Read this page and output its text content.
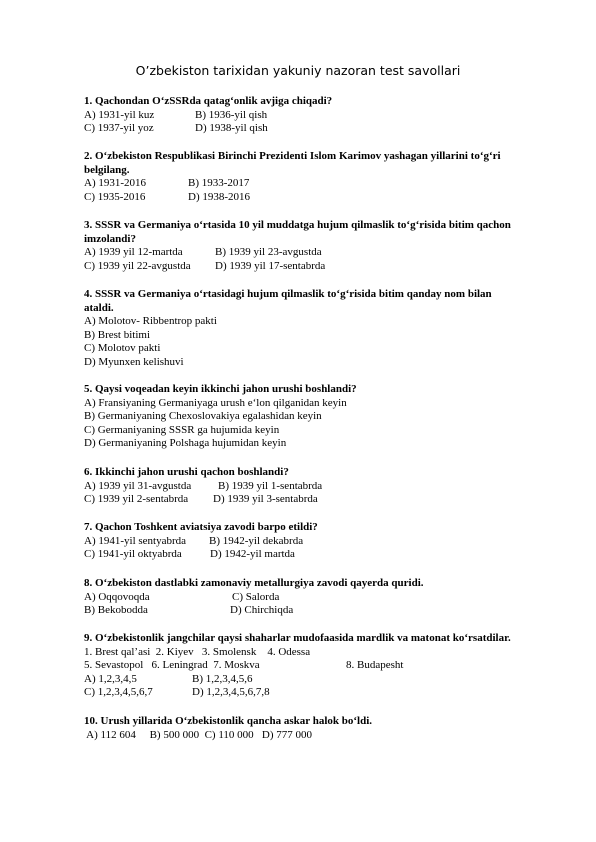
O’zbekiston tarixidan yakuniy nazoran test savollari
1. Qachondan O‘zSSRda qatag‘onlik avjiga chiqadi?
A) 1931-yil kuz	B) 1936-yil qish
C) 1937-yil yoz	D) 1938-yil qish
2. O‘zbekiston Respublikasi Birinchi Prezidenti Islom Karimov yashagan yillarini to‘g‘ri
belgilang.
A) 1931-2016	B) 1933-2017
C) 1935-2016	D) 1938-2016
3. SSSR va Germaniya o‘rtasida 10 yil muddatga hujum qilmaslik to‘g‘risida bitim qachon
imzolandi?
A) 1939 yil 12-martda	B) 1939 yil 23-avgustda
C) 1939 yil 22-avgustda D) 1939 yil 17-sentabrda
4. SSSR va Germaniya o‘rtasidagi hujum qilmaslik to‘g‘risida bitim qanday nom bilan
ataldi.
A) Molotov- Ribbentrop pakti
B) Brest bitimi
C) Molotov pakti
D) Myunxen kelishuvi
5. Qaysi voqeadan keyin ikkinchi jahon urushi boshlandi?
A) Fransiyaning Germaniyaga urush e‘lon qilganidan keyin
B) Germaniyaning Chexoslovakiya egalashidan keyin
C) Germaniyaning SSSR ga hujumida keyin
D) Germaniyaning Polshaga hujumidan keyin
6. Ikkinchi jahon urushi qachon boshlandi?
A) 1939 yil 31-avgustda B) 1939 yil 1-sentabrda
C) 1939 yil 2-sentabrda D) 1939 yil 3-sentabrda
7. Qachon Toshkent aviatsiya zavodi barpo etildi?
A) 1941-yil sentyabrda B) 1942-yil dekabrda
C) 1941-yil oktyabrda	D) 1942-yil martda
8. O‘zbekiston dastlabki zamonaviy metallurgiya zavodi qayerda quridi.
A) Oqqovoqda	C) Salorda
B) Bekobodda	D) Chirchiqda
9. O‘zbekistonlik jangchilar qaysi shaharlar mudofaasida mardlik va matonat ko‘rsatdilar.
1. Brest qal’asi  2. Kiyev   3. Smolensk    4. Odessa
5. Sevastopol   6. Leningrad  7. Moskva	8. Budapesht
A) 1,2,3,4,5	B) 1,2,3,4,5,6
C) 1,2,3,4,5,6,7	D) 1,2,3,4,5,6,7,8
10. Urush yillarida O‘zbekistonlik qancha askar halok bo‘ldi.
A) 112 604     B) 500 000  C) 110 000   D) 777 000
